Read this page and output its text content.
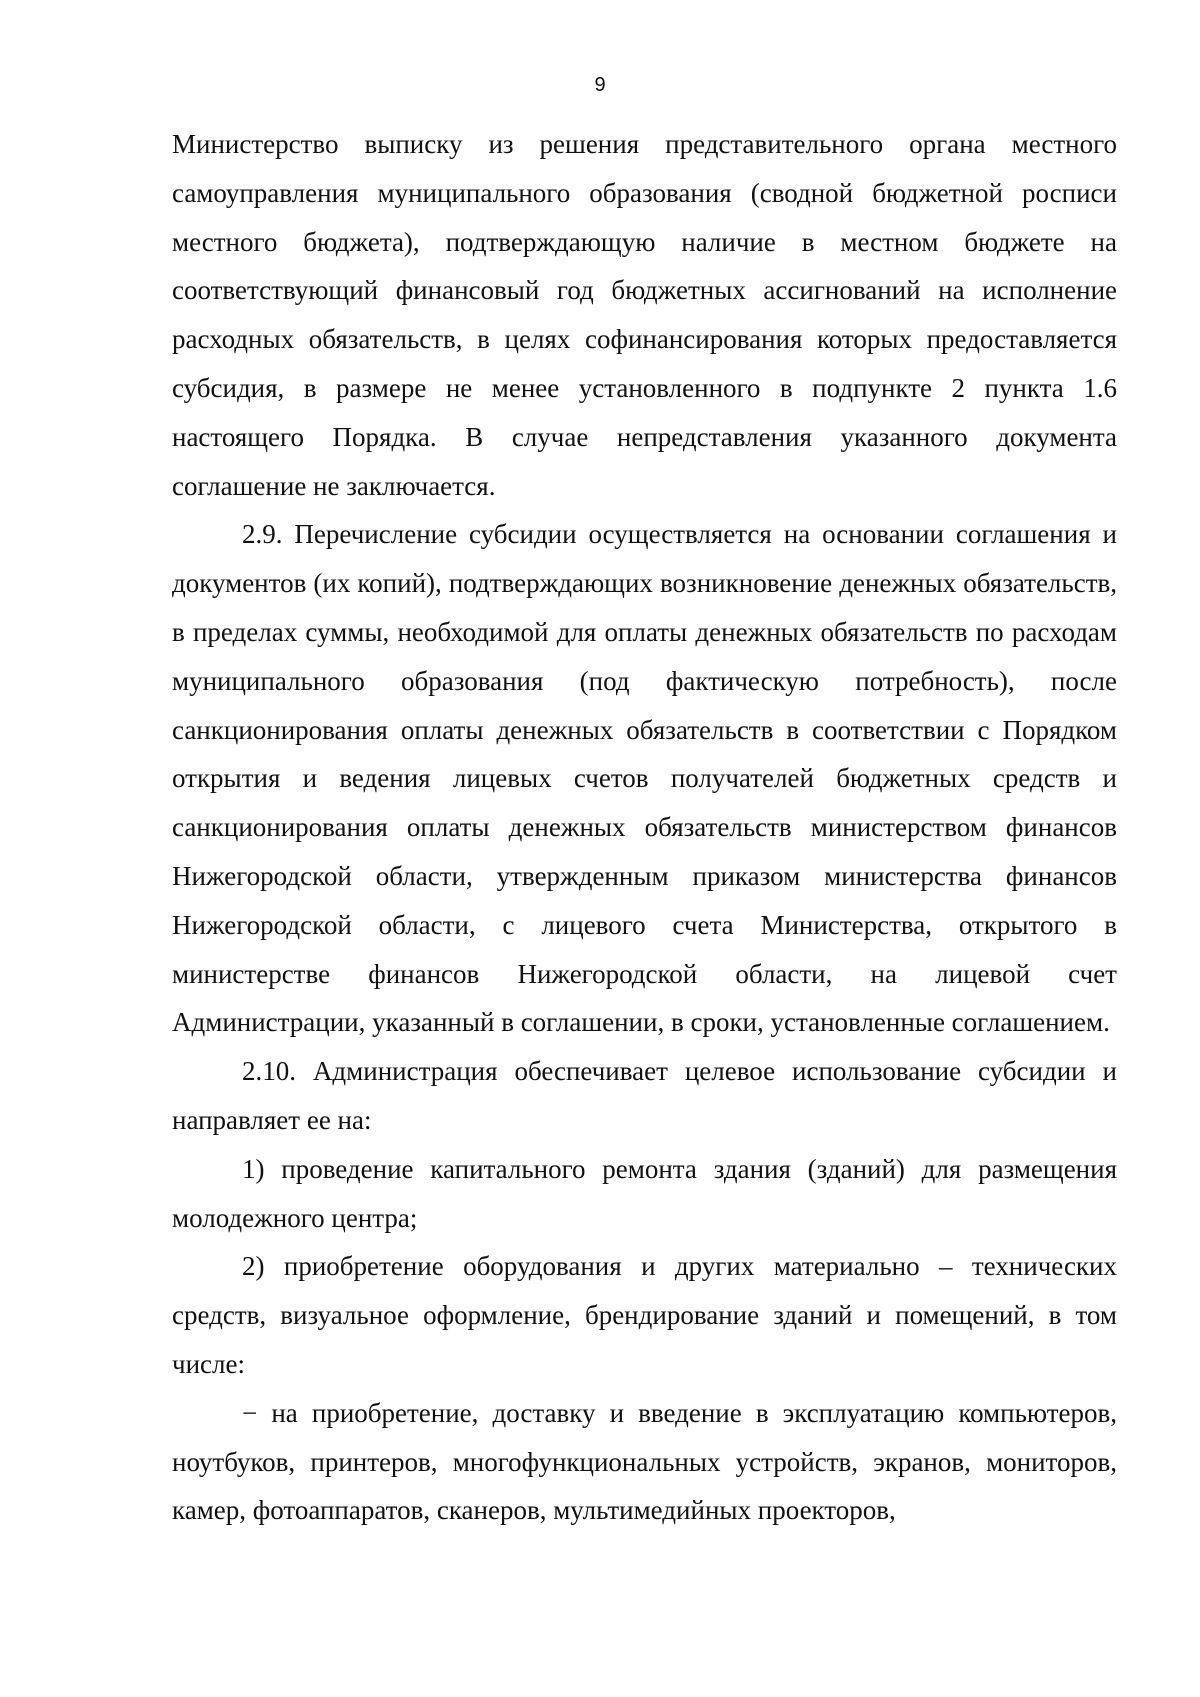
9

Министерство выписку из решения представительного органа местного самоуправления муниципального образования (сводной бюджетной росписи местного бюджета), подтверждающую наличие в местном бюджете на соответствующий финансовый год бюджетных ассигнований на исполнение расходных обязательств, в целях софинансирования которых предоставляется субсидия, в размере не менее установленного в подпункте 2 пункта 1.6 настоящего Порядка. В случае непредставления указанного документа соглашение не заключается.

2.9. Перечисление субсидии осуществляется на основании соглашения и документов (их копий), подтверждающих возникновение денежных обязательств, в пределах суммы, необходимой для оплаты денежных обязательств по расходам муниципального образования (под фактическую потребность), после санкционирования оплаты денежных обязательств в соответствии с Порядком открытия и ведения лицевых счетов получателей бюджетных средств и санкционирования оплаты денежных обязательств министерством финансов Нижегородской области, утвержденным приказом министерства финансов Нижегородской области, с лицевого счета Министерства, открытого в министерстве финансов Нижегородской области, на лицевой счет Администрации, указанный в соглашении, в сроки, установленные соглашением.

2.10. Администрация обеспечивает целевое использование субсидии и направляет ее на:

1) проведение капитального ремонта здания (зданий) для размещения молодежного центра;

2) приобретение оборудования и других материально – технических средств, визуальное оформление, брендирование зданий и помещений, в том числе:

− на приобретение, доставку и введение в эксплуатацию компьютеров, ноутбуков, принтеров, многофункциональных устройств, экранов, мониторов, камер, фотоаппаратов, сканеров, мультимедийных проекторов,
